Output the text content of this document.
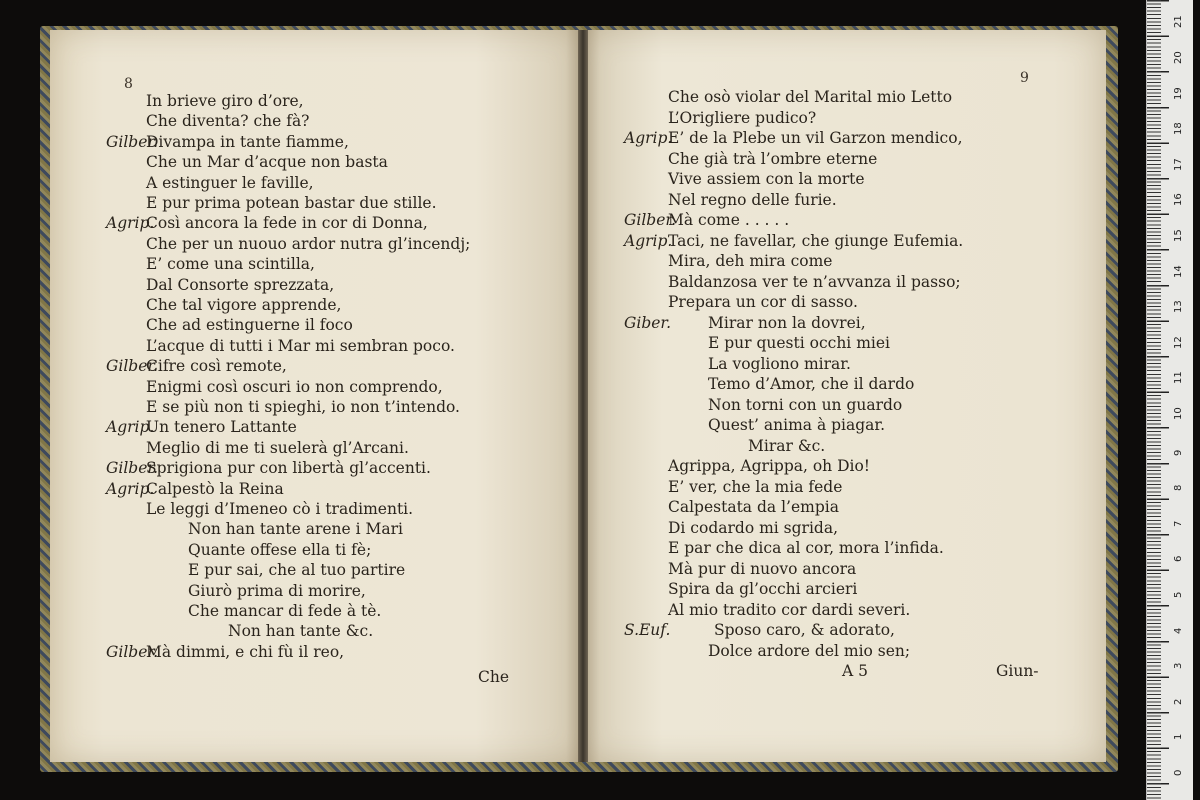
8
In brieve giro d’ore,
Che diventa? che fà?
Gilber.
Divampa in tante fiamme,
Che un Mar d’acque non basta
A estinguer le faville,
E pur prima potean bastar due stille.
Agrip.
Così ancora la fede in cor di Donna,
Che per un nuouo ardor nutra gl’incendj;
E’ come una scintilla,
Dal Consorte sprezzata,
Che tal vigore apprende,
Che ad estinguerne il foco
L’acque di tutti i Mar mi sembran poco.
Gilber.
Cifre così remote,
Enigmi così oscuri io non comprendo,
E se più non ti spieghi, io non t’intendo.
Agrip.
Un tenero Lattante
Meglio di me ti suelerà gl’Arcani.
Gilber.
Sprigiona pur con libertà gl’accenti.
Agrip.
Calpestò la Reina
Le leggi d’Imeneo cò i tradimenti.
Non han tante arene i Mari
Quante offese ella ti fè;
E pur sai, che al tuo partire
Giurò prima di morire,
Che mancar di fede à tè.
Non han tante &c.
Gilber.
Mà dimmi, e chi fù il reo,
Che
9
Che osò violar del Marital mio Letto
L’Origliere pudico?
Agrip.
E’ de la Plebe un vil Garzon mendico,
Che già trà l’ombre eterne
Vive assiem con la morte
Nel regno delle furie.
Gilber.
Mà come . . . . .
Agrip.
Taci, ne favellar, che giunge Eufemia.
Mira, deh mira come
Baldanzosa ver te n’avvanza il passo;
Prepara un cor di sasso.
Giber. Mirar non la dovrei,
E pur questi occhi miei
La vogliono mirar.
Temo d’Amor, che il dardo
Non torni con un guardo
Quest’ anima à piagar.
Mirar &c.
Agrippa, Agrippa, oh Dio!
E’ ver, che la mia fede
Calpestata da l’empia
Di codardo mi sgrida,
E par che dica al cor, mora l’infida.
Mà pur di nuovo ancora
Spira da gl’occhi arcieri
Al mio tradito cor dardi severi.
S.Euf.	Sposo caro, & adorato,
Dolce ardore del mio sen;
A 5	Giun-
0
1
2
3
4
5
6
7
8
9
10
11
12
13
14
15
16
17
18
19
20
21
